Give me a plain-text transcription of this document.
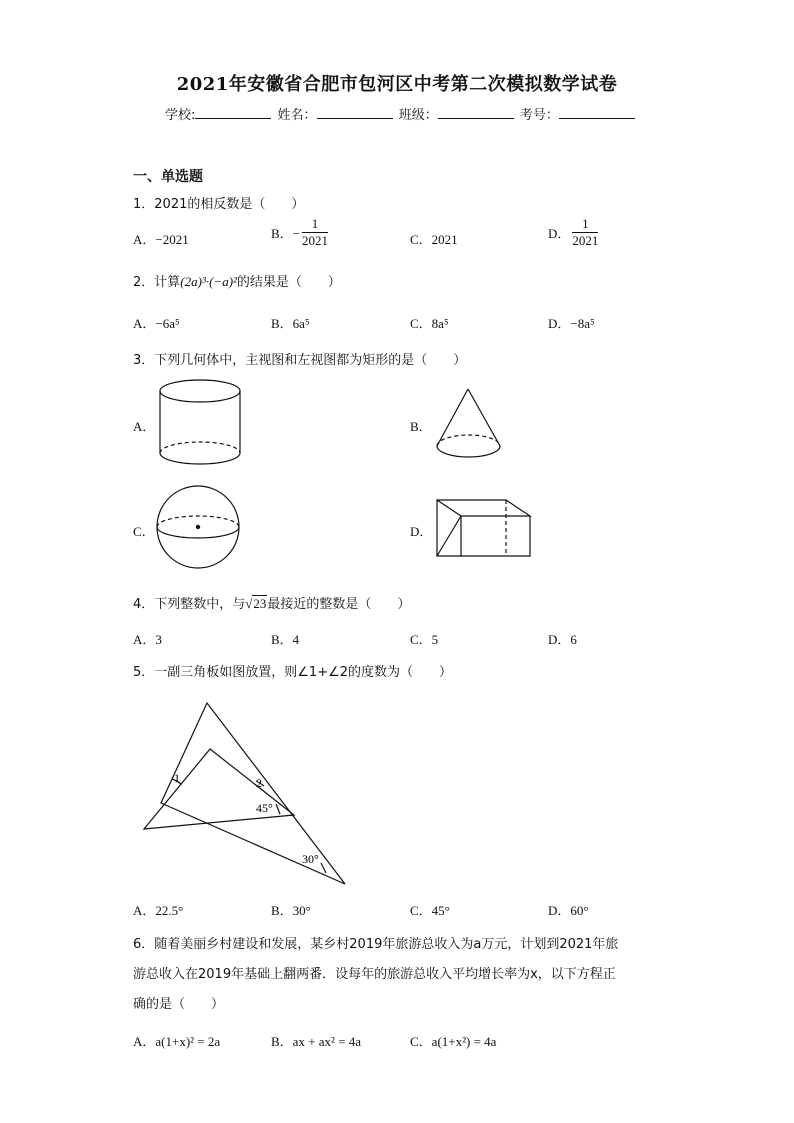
2021年安徽省合肥市包河区中考第二次模拟数学试卷
学校:	姓名：	班级：	考号：
一、单选题
1．2021的相反数是（　　）
A．−2021	B．− $\frac{1}{2021}$	C．2021	D． $\frac{1}{2021}$
2．计算(2a)³·(−a)²的结果是（　　）
A．−6a⁵	B．6a⁵	C．8a⁵	D．−8a⁵
3．下列几何体中，主视图和左视图都为矩形的是（　　）
A．	B．
C．	D．
4．下列整数中，与√23最接近的整数是（　　）
A．3	B．4	C．5	D．6
5．一副三角板如图放置，则∠1+∠2的度数为（　　）
1	2
45°
30°
A．22.5°	B．30°	C．45°	D．60°
6．随着美丽乡村建设和发展，某乡村2019年旅游总收入为a万元，计划到2021年旅
游总收入在2019年基础上翻两番．设每年的旅游总收入平均增长率为x，以下方程正
确的是（　　）
A．a(1+x)² = 2a	B．ax + ax² = 4a	C．a(1+x²) = 4a
